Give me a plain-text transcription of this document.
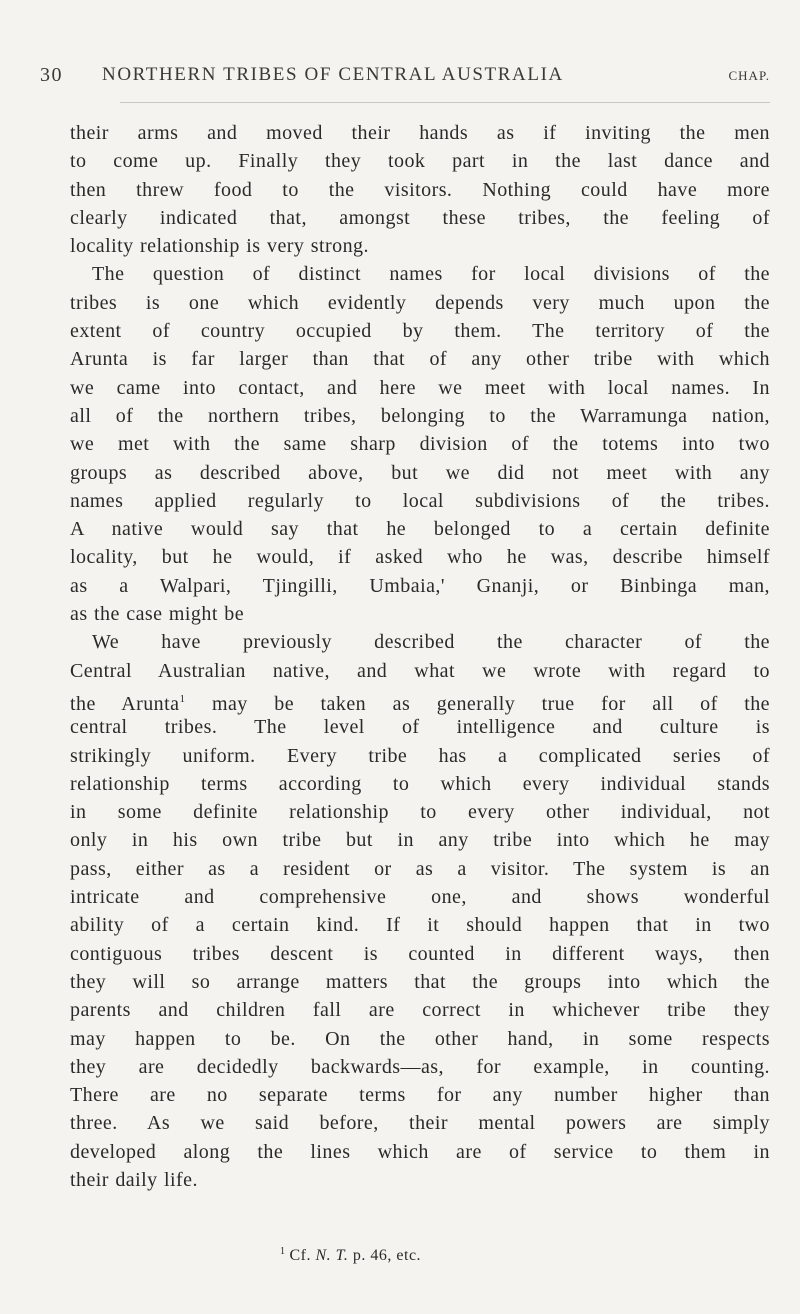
30 NORTHERN TRIBES OF CENTRAL AUSTRALIA	CHAP.
their arms and moved their hands as if inviting the men
to come up. Finally they took part in the last dance and
then threw food to the visitors. Nothing could have more
clearly indicated that, amongst these tribes, the feeling of
locality relationship is very strong.
The question of distinct names for local divisions of the
tribes is one which evidently depends very much upon the
extent of country occupied by them. The territory of the
Arunta is far larger than that of any other tribe with which
we came into contact, and here we meet with local names. In
all of the northern tribes, belonging to the Warramunga nation,
we met with the same sharp division of the totems into two
groups as described above, but we did not meet with any
names applied regularly to local subdivisions of the tribes.
A native would say that he belonged to a certain definite
locality, but he would, if asked who he was, describe himself
as a Walpari, Tjingilli, Umbaia,' Gnanji, or Binbinga man,
as the case might be
We have previously described the character of the
Central Australian native, and what we wrote with regard to
the Arunta$^1$ may be taken as generally true for all of the
central tribes. The level of intelligence and culture is
strikingly uniform. Every tribe has a complicated series of
relationship terms according to which every individual stands
in some definite relationship to every other individual, not
only in his own tribe but in any tribe into which he may
pass, either as a resident or as a visitor. The system is an
intricate and comprehensive one, and shows wonderful
ability of a certain kind. If it should happen that in two
contiguous tribes descent is counted in different ways, then
they will so arrange matters that the groups into which the
parents and children fall are correct in whichever tribe they
may happen to be. On the other hand, in some respects
they are decidedly backwards—as, for example, in counting.
There are no separate terms for any number higher than
three. As we said before, their mental powers are simply
developed along the lines which are of service to them in
their daily life.
$^1$ Cf. N. T. p. 46, etc.
